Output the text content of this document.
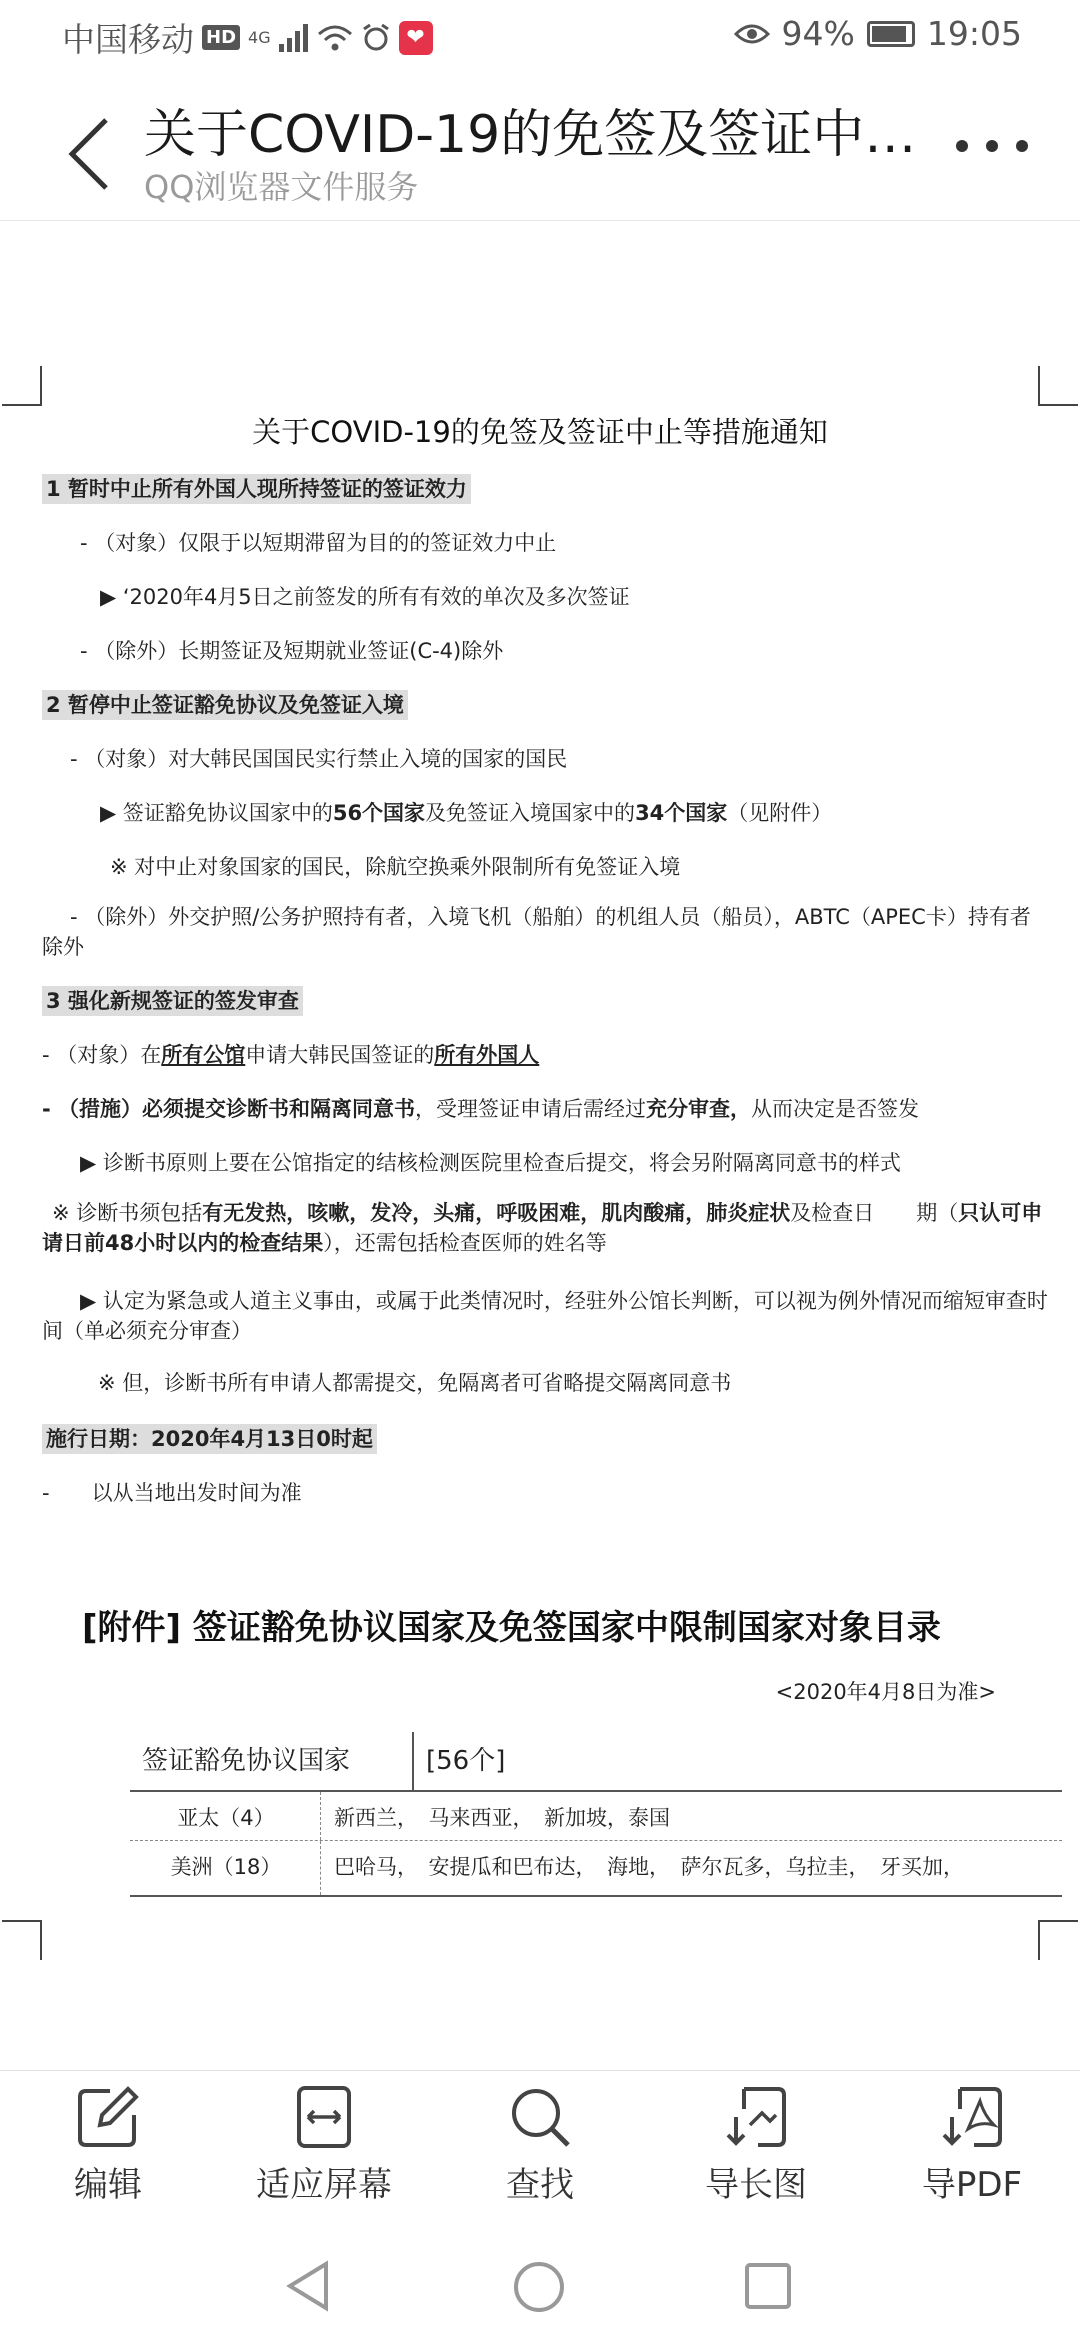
中国移动 HD 4G	❤	94% 19:05
关于COVID-19的免签及签证中…
QQ浏览器文件服务
关于COVID-19的免签及签证中止等措施通知
1 暂时中止所有外国人现所持签证的签证效力
- （对象）仅限于以短期滞留为目的的签证效力中止
▶ ‘2020年4月5日之前签发的所有有效的单次及多次签证
- （除外）长期签证及短期就业签证(C-4)除外
2 暂停中止签证豁免协议及免签证入境
- （对象）对大韩民国国民实行禁止入境的国家的国民
▶ 签证豁免协议国家中的56个国家及免签证入境国家中的34个国家（见附件）
※ 对中止对象国家的国民，除航空换乘外限制所有免签证入境
- （除外）外交护照/公务护照持有者，入境飞机（船舶）的机组人员（船员），ABTC（APEC卡）持有者除外
3 强化新规签证的签发审查
- （对象）在所有公馆申请大韩民国签证的所有外国人
- （措施）必须提交诊断书和隔离同意书，受理签证申请后需经过充分审查，从而决定是否签发
▶ 诊断书原则上要在公馆指定的结核检测医院里检查后提交，将会另附隔离同意书的样式
※ 诊断书须包括有无发热，咳嗽，发冷，头痛，呼吸困难，肌肉酸痛，肺炎症状及检查日　　期（只认可申请日前48小时以内的检查结果），还需包括检查医师的姓名等
▶ 认定为紧急或人道主义事由，或属于此类情况时，经驻外公馆长判断，可以视为例外情况而缩短审查时间（单必须充分审查）
※ 但，诊断书所有申请人都需提交，免隔离者可省略提交隔离同意书
施行日期：2020年4月13日0时起
-　　以从当地出发时间为准
[附件] 签证豁免协议国家及免签国家中限制国家对象目录
<2020年4月8日为准>
签证豁免协议国家	[56个]
亚太（4）	新西兰，　马来西亚，　新加坡，泰国
美洲（18）	巴哈马，　安提瓜和巴布达，　海地，　萨尔瓦多，乌拉圭，　牙买加，
编辑	适应屏幕	查找	导长图	导PDF
